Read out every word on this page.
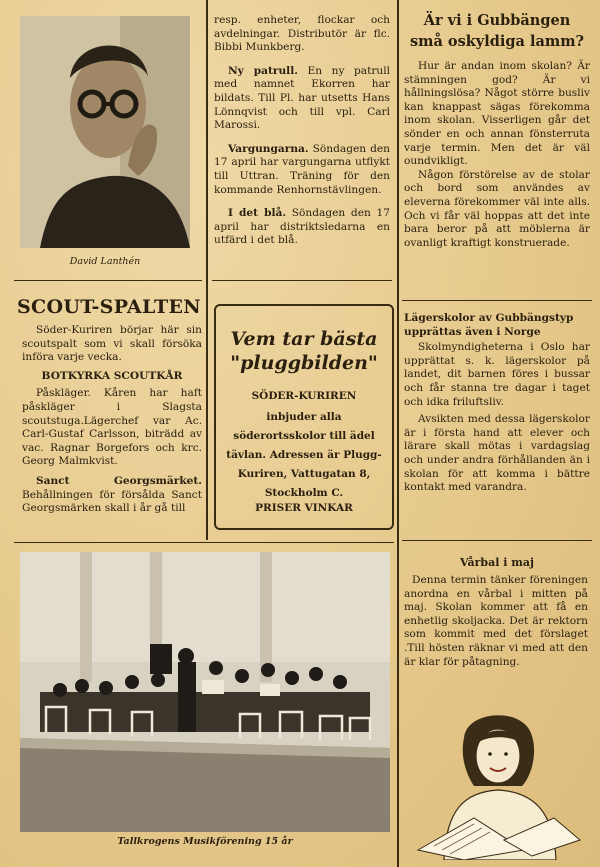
David Lanthén
SCOUT-SPALTEN

Söder-Kuriren börjar här sin scoutspalt som vi skall försöka införa varje vecka.

BOTKYRKA SCOUTKÅR

Påskläger. Kåren har haft påskläger i Slagsta scoutstuga.Lägerchef var Ac. Carl-Gustaf Carlsson, biträdd av vac. Ragnar Borgefors och krc. Georg Malmkvist.

Sanct Georgsmärket. Behållningen för försålda Sanct Georgsmärken skall i år gå till

resp. enheter, flockar och avdelningar. Distributör är flc. Bibbi Munkberg.

Ny patrull. En ny patrull med namnet Ekorren har bildats. Till Pl. har utsetts Hans Lönnqvist och till vpl. Carl Marossi.

Vargungarna. Söndagen den 17 april har vargungarna utflykt till Uttran. Träning för den kommande Renhornstävlingen.

I det blå. Söndagen den 17 april har distriktsledarna en utfärd i det blå.

Vem tar bästa
"pluggbilden"
SÖDER-KURIREN
inbjuder alla söderortsskolor till ädel tävlan. Adressen är Plugg-Kuriren, Vattugatan 8, Stockholm C.
PRISER VINKAR
Är vi i Gubbängen
små oskyldiga lamm?

Hur är andan inom skolan? Är stämningen god? Är vi hållningslösa? Något större busliv kan knappast sägas förekomma inom skolan. Visserligen går det sönder en och annan fönsterruta varje termin. Men det är väl oundvikligt.

Någon förstörelse av de stolar och bord som användes av eleverna förekommer väl inte alls. Och vi får väl hoppas att det inte bara beror på att möblerna är ovanligt kraftigt konstruerade.

Lägerskolor av Gubbängstyp upprättas även i Norge

Skolmyndigheterna i Oslo har upprättat s. k. lägerskolor på landet, dit barnen föres i bussar och får stanna tre dagar i taget och idka friluftsliv.

Avsikten med dessa lägerskolor är i första hand att elever och lärare skall mötas i vardagslag och under andra förhållanden än i skolan för att komma i bättre kontakt med varandra.

Vårbal i maj
Denna termin tänker föreningen anordna en vårbal i mitten på maj. Skolan kommer att få en enhetlig skoljacka. Det är rektorn som kommit med det förslaget .Till hösten räknar vi med att den är klar för påtagning.
Tallkrogens Musikförening 15 år
